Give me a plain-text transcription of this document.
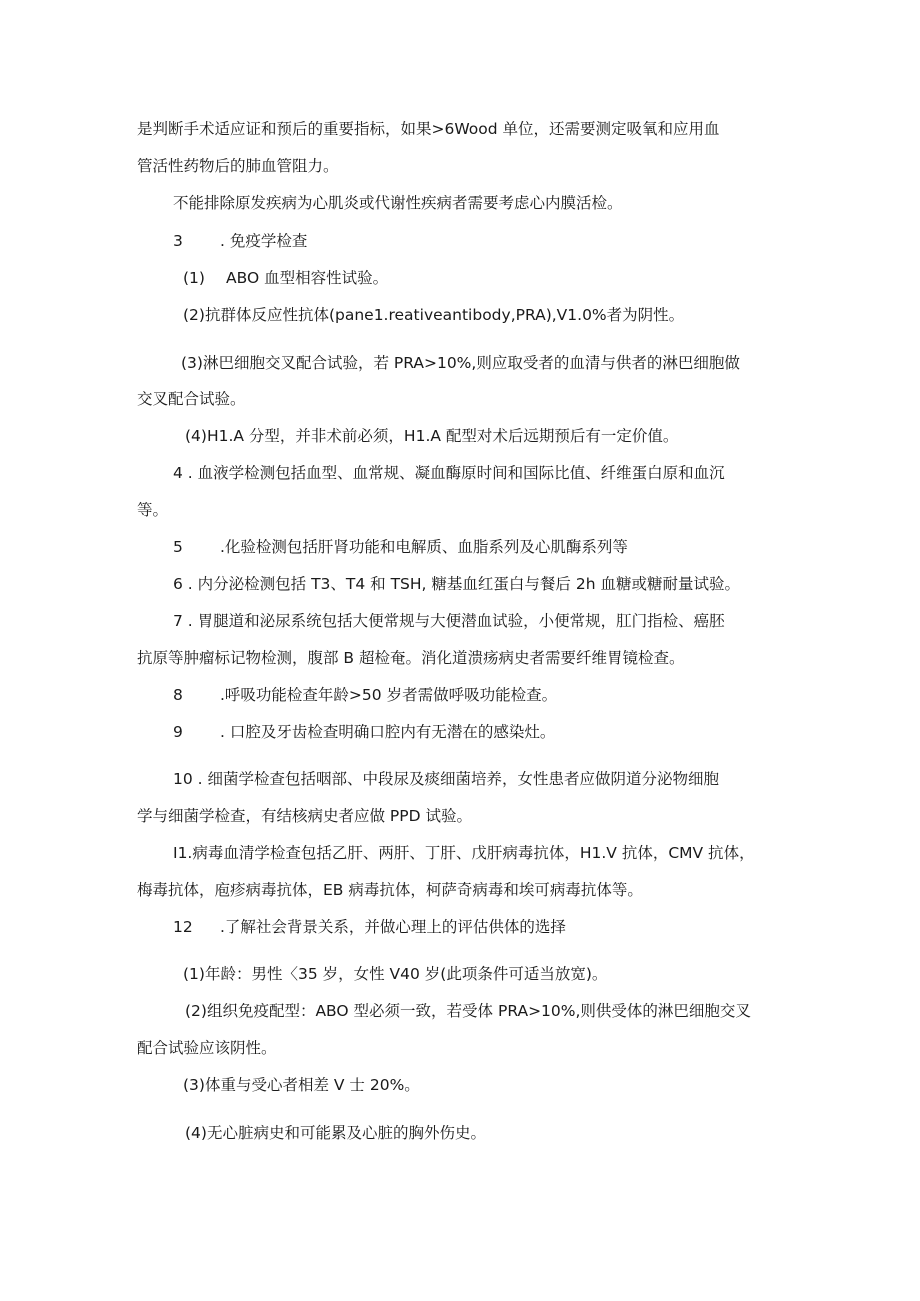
是判断手术适应证和预后的重要指标，如果>6Wood 单位，还需要测定吸氧和应用血
管活性药物后的肺血管阻力。
不能排除原发疾病为心肌炎或代谢性疾病者需要考虑心内膜活检。
3 . 免疫学检查
(1) ABO 血型相容性试验。
(2)抗群体反应性抗体(pane1.reativeantibody,PRA),V1.0%者为阴性。
(3)淋巴细胞交叉配合试验，若 PRA>10%,则应取受者的血清与供者的淋巴细胞做
交叉配合试验。
(4)H1.A 分型，并非术前必须，H1.A 配型对术后远期预后有一定价值。
4 . 血液学检测包括血型、血常规、凝血酶原时间和国际比值、纤维蛋白原和血沉
等。
5 .化验检测包括肝肾功能和电解质、血脂系列及心肌酶系列等
6 . 内分泌检测包括 T3、T4 和 TSH, 糖基血红蛋白与餐后 2h 血糖或糖耐量试验。
7 . 胃腿道和泌尿系统包括大便常规与大便潜血试验，小便常规，肛门指检、癌胚
抗原等肿瘤标记物检测，腹部 B 超检奄。消化道溃疡病史者需要纤维胃镜检查。
8 .呼吸功能检查年龄>50 岁者需做呼吸功能检查。
9 . 口腔及牙齿检查明确口腔内有无潜在的感染灶。
10 . 细菌学检查包括咽部、中段尿及痰细菌培养，女性患者应做阴道分泌物细胞
学与细菌学检查，有结核病史者应做 PPD 试验。
I1.病毒血清学检查包括乙肝、两肝、丁肝、戊肝病毒抗体，H1.V 抗体，CMV 抗体，
梅毒抗体，庖疹病毒抗体，EB 病毒抗体，柯萨奇病毒和埃可病毒抗体等。
12 .了解社会背景关系，并做心理上的评估供体的选择
(1)年龄：男性〈35 岁，女性 V40 岁(此项条件可适当放宽)。
(2)组织免疫配型：ABO 型必须一致，若受体 PRA>10%,则供受体的淋巴细胞交叉
配合试验应该阴性。
(3)体重与受心者相差 V 士 20%。
(4)无心脏病史和可能累及心脏的胸外伤史。
